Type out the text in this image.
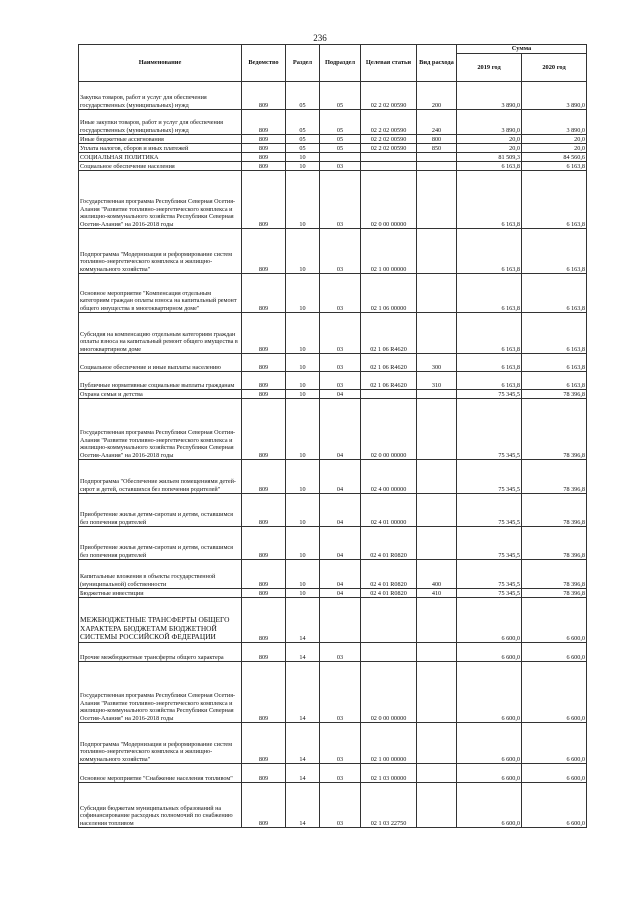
236
Наименование	Ведомство	Раздел	Подраздел	Целевая статьи	Вид расхода	Сумма	
						2019 год	2020 год
Закупка товаров, работ и услуг для обеспечения государственных (муниципальных) нужд	809	05	05	02 2 02 00590	200	3 890,0	3 890,0
Иные закупки товаров, работ и услуг для обеспечения государственных (муниципальных) нужд	809	05	05	02 2 02 00590	240	3 890,0	3 890,0
Иные бюджетные ассигнования	809	05	05	02 2 02 00590	800	20,0	20,0
Уплата налогов, сборов и иных платежей	809	05	05	02 2 02 00590	850	20,0	20,0
СОЦИАЛЬНАЯ ПОЛИТИКА	809	10				81 509,3	84 560,6
Социальное обеспечение населения	809	10	03			6 163,8	6 163,8
Государственная программа Республики Северная Осетия-Алания "Развитие топливно-энергетического комплекса и жилищно-коммунального хозяйства Республики Северная Осетия-Алания" на 2016-2018 годы	809	10	03	02 0 00 00000		6 163,8	6 163,8
Подпрограмма "Модернизация и реформирование систем топливно-энергетического комплекса и жилищно-коммунального хозяйства"	809	10	03	02 1 00 00000		6 163,8	6 163,8
Основное мероприятие "Компенсация отдельным категориям граждан оплаты взноса на капитальный ремонт общего имущества в многоквартирном доме"	809	10	03	02 1 06 00000		6 163,8	6 163,8
Субсидия на компенсацию отдельным категориям граждан оплаты взноса на капитальный ремонт общего имущества в многоквартирном доме	809	10	03	02 1 06 R4620		6 163,8	6 163,8
Социальное обеспечение и иные выплаты населению	809	10	03	02 1 06 R4620	300	6 163,8	6 163,8
Публичные нормативные социальные выплаты гражданам	809	10	03	02 1 06 R4620	310	6 163,8	6 163,8
Охрана семьи и детства	809	10	04			75 345,5	78 396,8
Государственная программа Республики Северная Осетия-Алания "Развитие топливно-энергетического комплекса и жилищно-коммунального хозяйства Республики Северная Осетия-Алания" на 2016-2018 годы	809	10	04	02 0 00 00000		75 345,5	78 396,8
Подпрограмма "Обеспечение жильем помещениями детей-сирот и детей, оставшихся без попечения родителей"	809	10	04	02 4 00 00000		75 345,5	78 396,8
Приобретение жилья детям-сиротам и детям, оставшимся без попечения родителей	809	10	04	02 4 01 00000		75 345,5	78 396,8
Приобретение жилья детям-сиротам и детям, оставшимся без попечения родителей	809	10	04	02 4 01 R0820		75 345,5	78 396,8
Капитальные вложения в объекты государственной (муниципальной) собственности	809	10	04	02 4 01 R0820	400	75 345,5	78 396,8
Бюджетные инвестиции	809	10	04	02 4 01 R0820	410	75 345,5	78 396,8
МЕЖБЮДЖЕТНЫЕ ТРАНСФЕРТЫ ОБЩЕГО ХАРАКТЕРА БЮДЖЕТАМ БЮДЖЕТНОЙ СИСТЕМЫ РОССИЙСКОЙ ФЕДЕРАЦИИ	809	14				6 600,0	6 600,0
Прочие межбюджетные трансферты общего характера	809	14	03			6 600,0	6 600,0
Государственная программа Республики Северная Осетия-Алания "Развитие топливно-энергетического комплекса и жилищно-коммунального хозяйства Республики Северная Осетия-Алания" на 2016-2018 годы	809	14	03	02 0 00 00000		6 600,0	6 600,0
Подпрограмма "Модернизация и реформирование систем топливно-энергетического комплекса и жилищно-коммунального хозяйства"	809	14	03	02 1 00 00000		6 600,0	6 600,0
Основное мероприятие "Снабжение населения топливом"	809	14	03	02 1 03 00000		6 600,0	6 600,0
Субсидии бюджетам муниципальных образований на софинансирование расходных полномочий по снабжению населения топливом	809	14	03	02 1 03 22750		6 600,0	6 600,0
